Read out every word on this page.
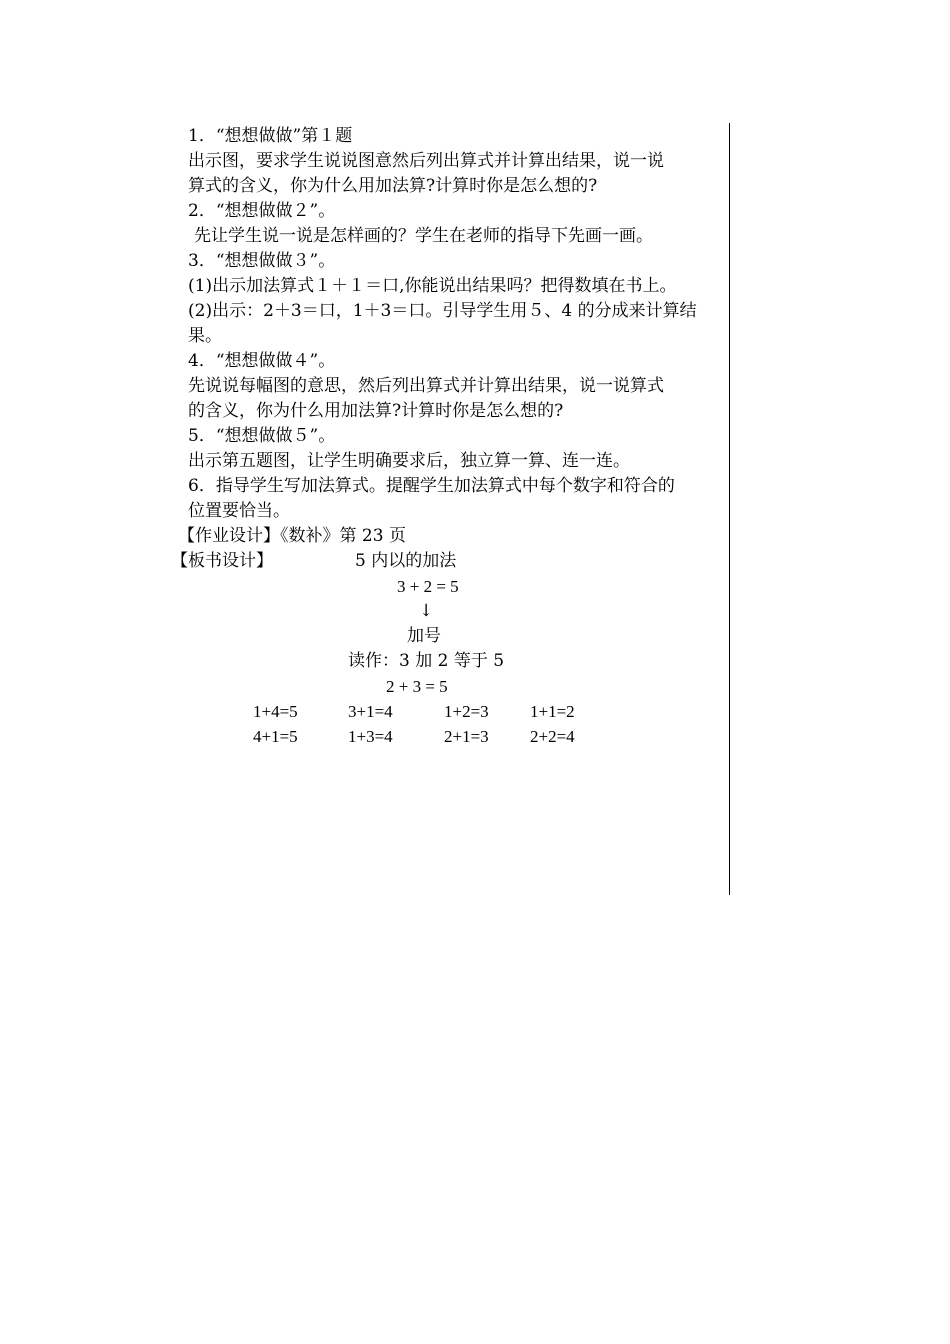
1．“想想做做”第１题
出示图，要求学生说说图意然后列出算式并计算出结果，说一说
算式的含义，你为什么用加法算?计算时你是怎么想的?
2．“想想做做２”。
先让学生说一说是怎样画的？学生在老师的指导下先画一画。
3．“想想做做３”。
(1)出示加法算式１＋１＝口,你能说出结果吗？把得数填在书上。
(2)出示：2＋3＝口，1＋3＝口。引导学生用５、4 的分成来计算结
果。
4．“想想做做４”。
先说说每幅图的意思，然后列出算式并计算出结果，说一说算式
的含义，你为什么用加法算?计算时你是怎么想的?
5．“想想做做５”。
出示第五题图，让学生明确要求后，独立算一算、连一连。
6．指导学生写加法算式。提醒学生加法算式中每个数字和符合的
位置要恰当。
【作业设计】《数补》第 23 页
【板书设计】	5 内以的加法
3 + 2 = 5
↓
加号
读作：3 加 2 等于 5
2 + 3 = 5
1+4=5	3+1=4	1+2=3 1+1=2
4+1=5	1+3=4	2+1=3 2+2=4
